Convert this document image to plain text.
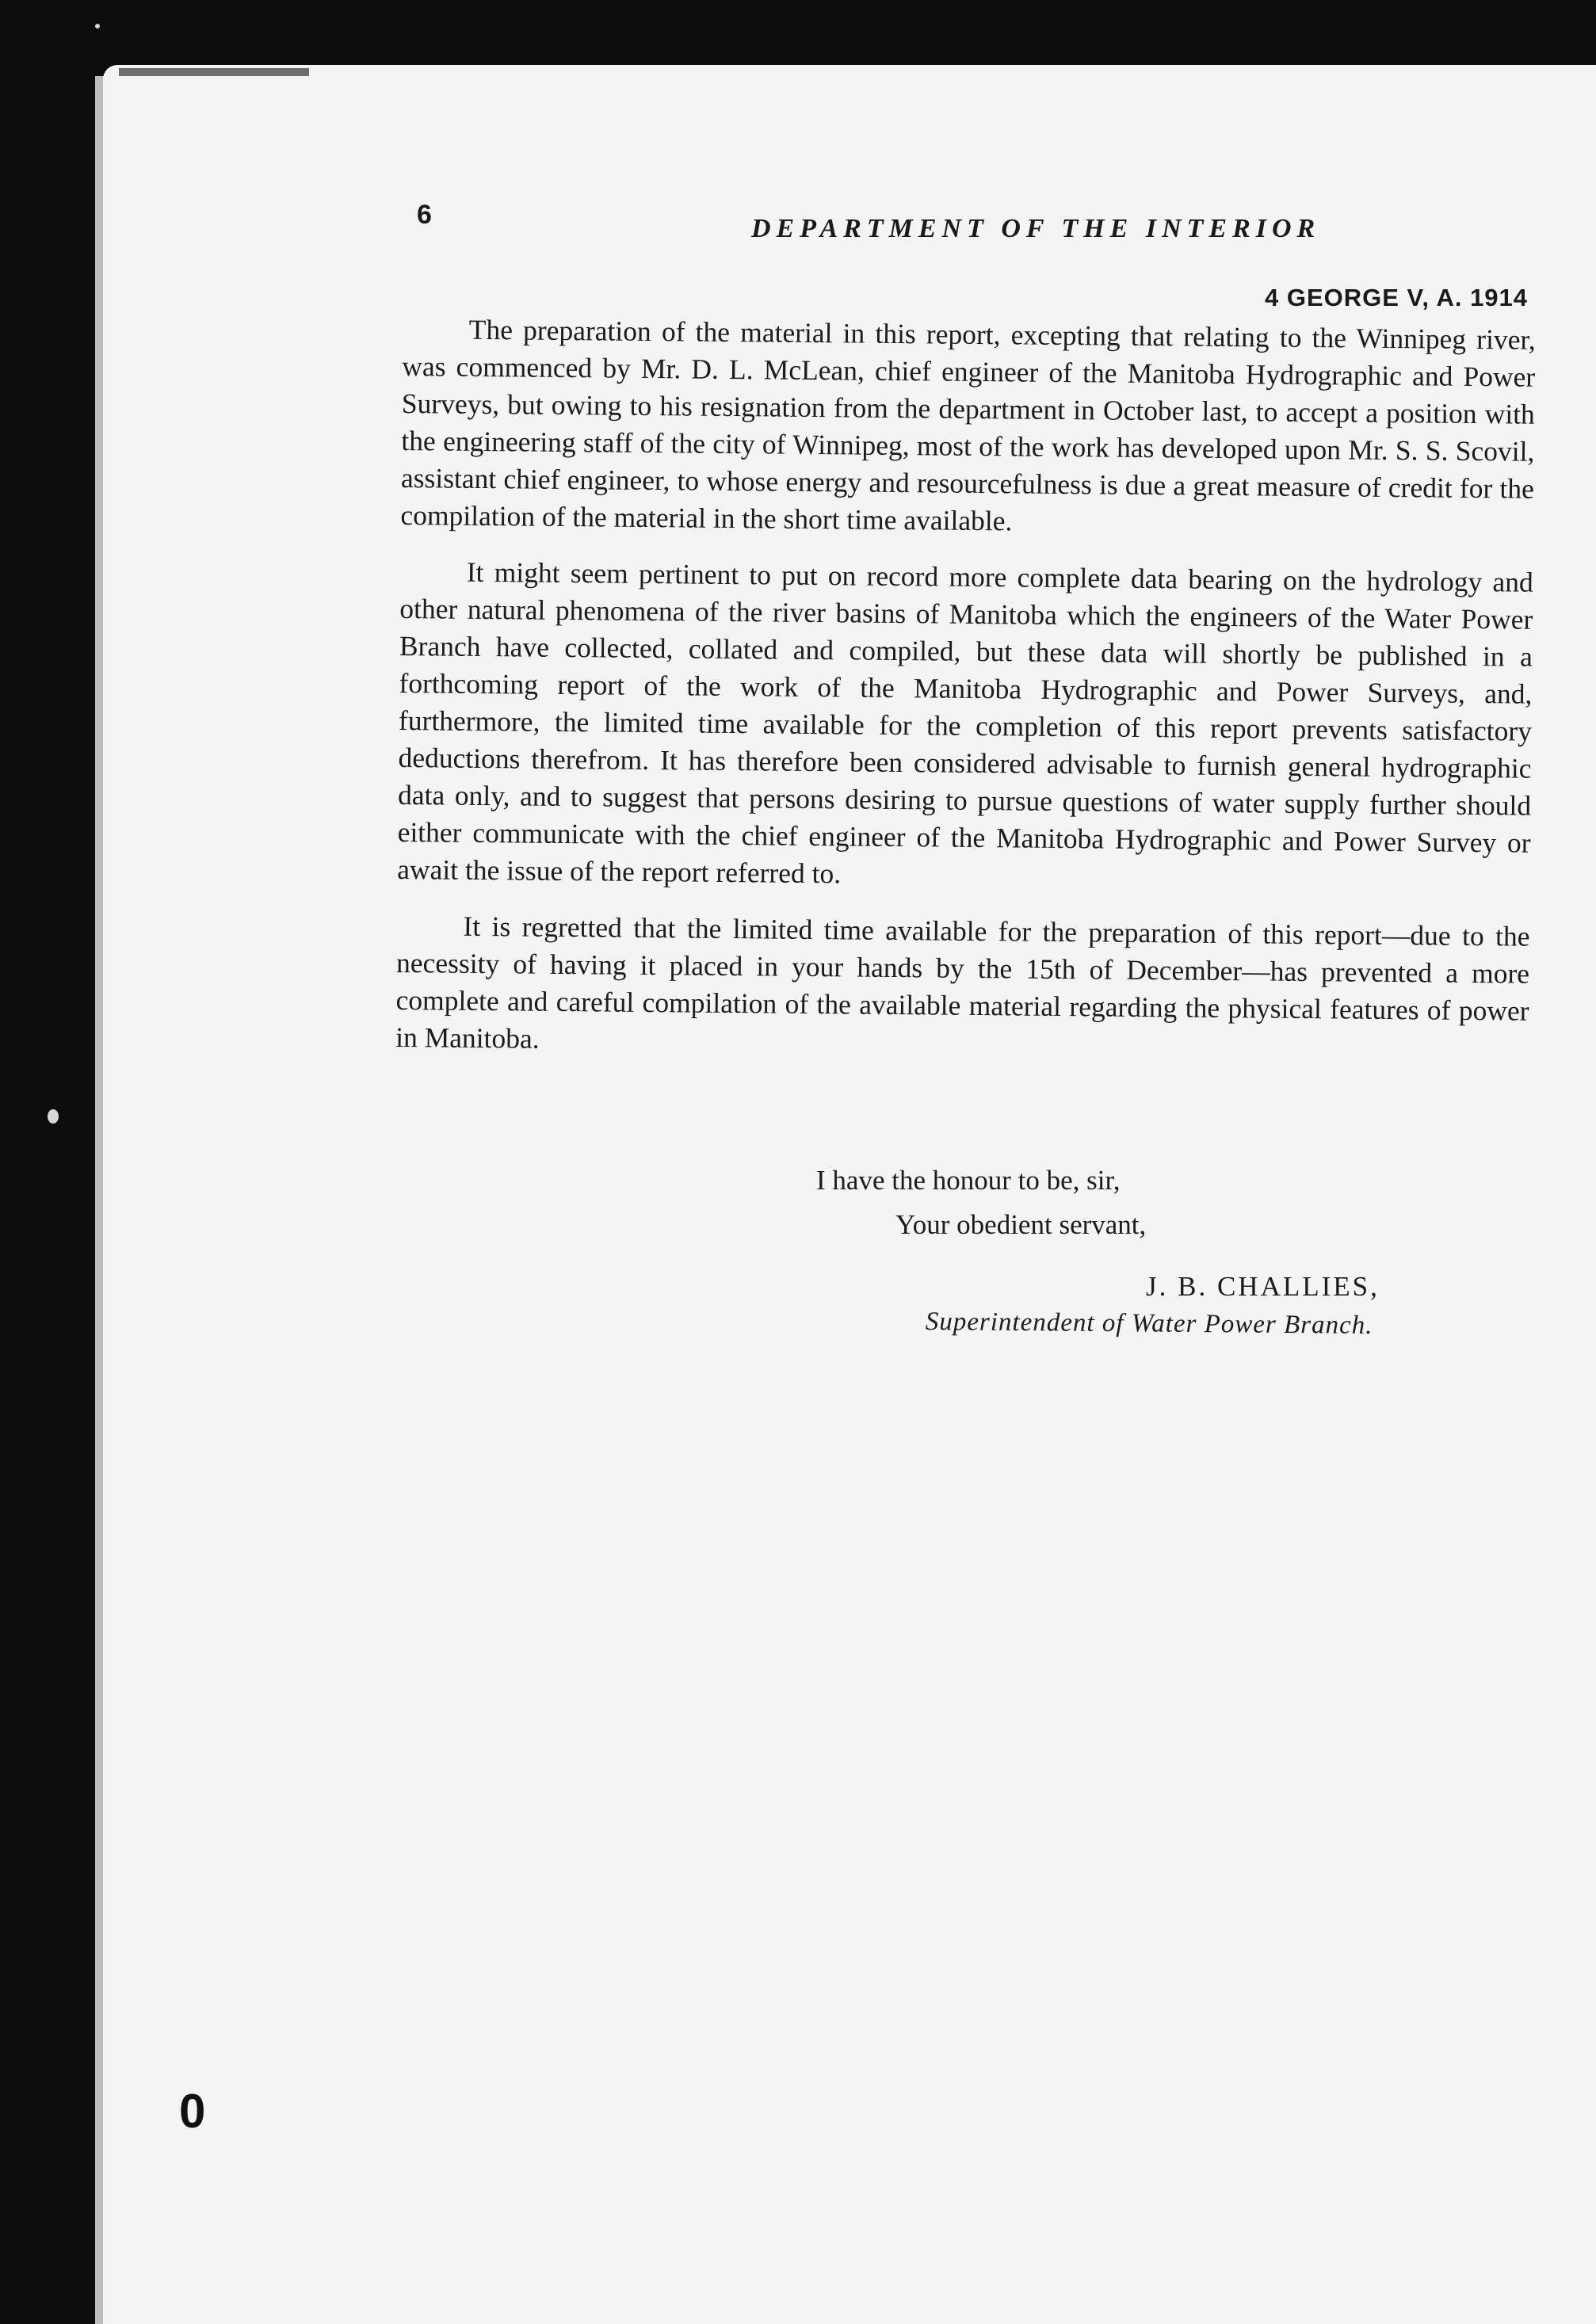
6	DEPARTMENT OF THE INTERIOR
4 GEORGE V, A. 1914

The preparation of the material in this report, excepting that relating to the Winnipeg river, was commenced by Mr. D. L. McLean, chief engineer of the Manitoba Hydrographic and Power Surveys, but owing to his resignation from the department in October last, to accept a position with the engineering staff of the city of Winnipeg, most of the work has developed upon Mr. S. S. Scovil, assistant chief engineer, to whose energy and resourcefulness is due a great measure of credit for the compilation of the material in the short time available.

It might seem pertinent to put on record more complete data bearing on the hydrology and other natural phenomena of the river basins of Manitoba which the engineers of the Water Power Branch have collected, collated and compiled, but these data will shortly be published in a forthcoming report of the work of the Manitoba Hydrographic and Power Surveys, and, furthermore, the limited time available for the completion of this report prevents satisfactory deductions therefrom. It has therefore been considered advisable to furnish general hydrographic data only, and to suggest that persons desiring to pursue questions of water supply further should either communicate with the chief engineer of the Manitoba Hydrographic and Power Survey or await the issue of the report referred to.

It is regretted that the limited time available for the preparation of this report—due to the necessity of having it placed in your hands by the 15th of December—has prevented a more complete and careful compilation of the available material regarding the physical features of power in Manitoba.

I have the honour to be, sir,
Your obedient servant,
J. B. CHALLIES,
Superintendent of Water Power Branch.
0
